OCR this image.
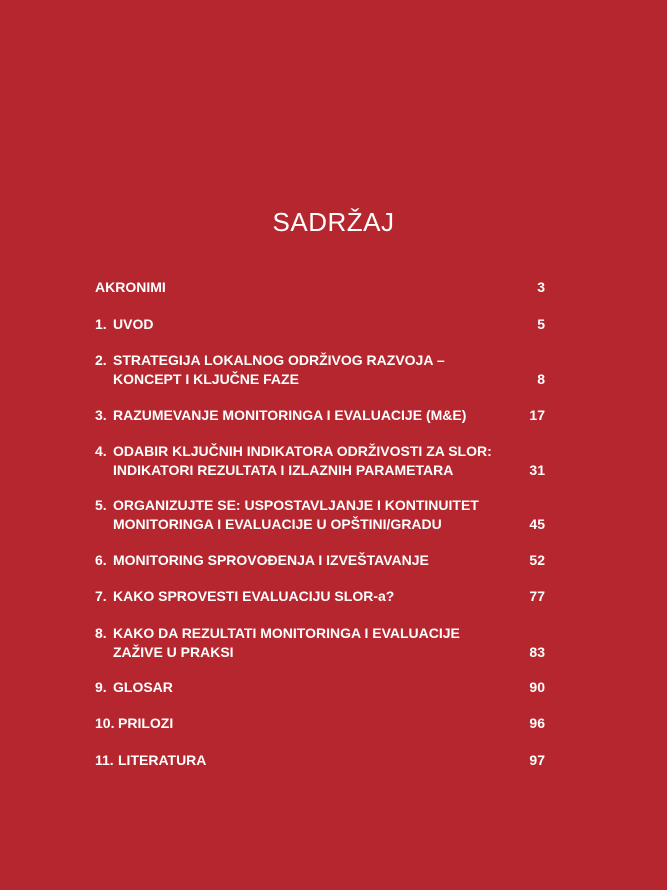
SADRŽAJ
AKRONIMI	3
1. UVOD	5
2. STRATEGIJA LOKALNOG ODRŽIVOG RAZVOJA –
KONCEPT I KLJUČNE FAZE	8
3. RAZUMEVANJE MONITORINGA I EVALUACIJE (M&E)	17
4. ODABIR KLJUČNIH INDIKATORA ODRŽIVOSTI ZA SLOR:
INDIKATORI REZULTATA I IZLAZNIH PARAMETARA	31
5. ORGANIZUJTE SE: USPOSTAVLJANJE I KONTINUITET
MONITORINGA I EVALUACIJE U OPŠTINI/GRADU	45
6. MONITORING SPROVOĐENJA I IZVEŠTAVANJE	52
7. KAKO SPROVESTI EVALUACIJU SLOR-a?	77
8. KAKO DA REZULTATI MONITORINGA I EVALUACIJE
ZAŽIVE U PRAKSI	83
9. GLOSAR	90
10. PRILOZI	96
11. LITERATURA	97
